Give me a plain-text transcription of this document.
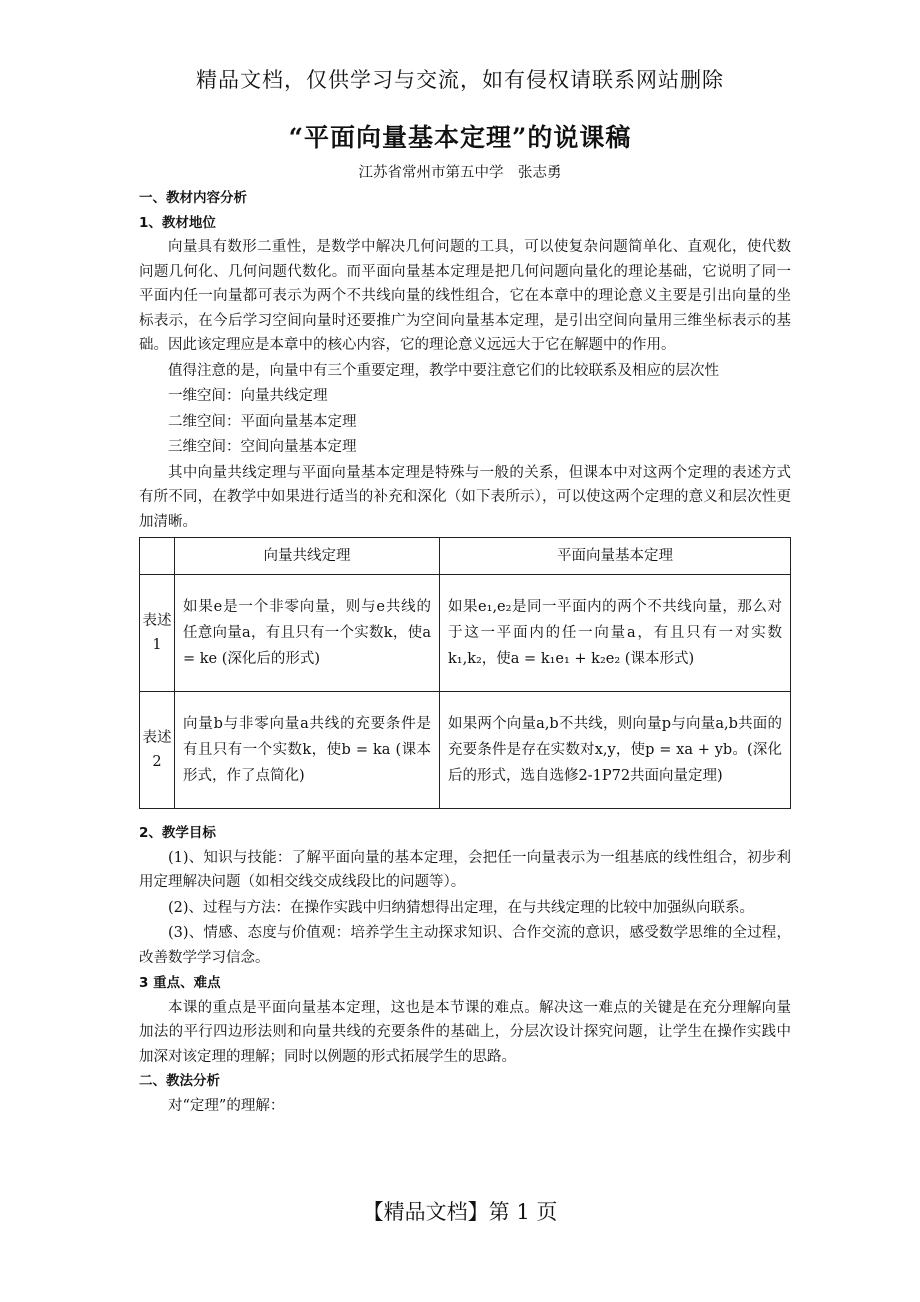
精品文档，仅供学习与交流，如有侵权请联系网站删除
“平面向量基本定理”的说课稿
江苏省常州市第五中学　张志勇
一、教材内容分析
1、教材地位

向量具有数形二重性，是数学中解决几何问题的工具，可以使复杂问题简单化、直观化，使代数问题几何化、几何问题代数化。而平面向量基本定理是把几何问题向量化的理论基础，它说明了同一平面内任一向量都可表示为两个不共线向量的线性组合，它在本章中的理论意义主要是引出向量的坐标表示，在今后学习空间向量时还要推广为空间向量基本定理，是引出空间向量用三维坐标表示的基础。因此该定理应是本章中的核心内容，它的理论意义远远大于它在解题中的作用。

值得注意的是，向量中有三个重要定理，教学中要注意它们的比较联系及相应的层次性

一维空间：向量共线定理

二维空间：平面向量基本定理

三维空间：空间向量基本定理

其中向量共线定理与平面向量基本定理是特殊与一般的关系，但课本中对这两个定理的表述方式有所不同，在教学中如果进行适当的补充和深化（如下表所示），可以使这两个定理的意义和层次性更加清晰。

	向量共线定理	平面向量基本定理
表述1	如果e是一个非零向量，则与e共线的任意向量a，有且只有一个实数k，使a = ke (深化后的形式)	如果e₁,e₂是同一平面内的两个不共线向量，那么对于这一平面内的任一向量a，有且只有一对实数k₁,k₂，使a = k₁e₁ + k₂e₂ (课本形式)
表述2	向量b与非零向量a共线的充要条件是有且只有一个实数k，使b = ka (课本形式，作了点简化)	如果两个向量a,b不共线，则向量p与向量a,b共面的充要条件是存在实数对x,y，使p = xa + yb。(深化后的形式，选自选修2-1P72共面向量定理)
2、教学目标

(1)、知识与技能：了解平面向量的基本定理，会把任一向量表示为一组基底的线性组合，初步利用定理解决问题（如相交线交成线段比的问题等）。

(2)、过程与方法：在操作实践中归纳猜想得出定理，在与共线定理的比较中加强纵向联系。

(3)、情感、态度与价值观：培养学生主动探求知识、合作交流的意识，感受数学思维的全过程，改善数学学习信念。

3 重点、难点

本课的重点是平面向量基本定理，这也是本节课的难点。解决这一难点的关键是在充分理解向量加法的平行四边形法则和向量共线的充要条件的基础上，分层次设计探究问题，让学生在操作实践中加深对该定理的理解；同时以例题的形式拓展学生的思路。

二、教法分析

对“定理”的理解：

【精品文档】第 1 页
